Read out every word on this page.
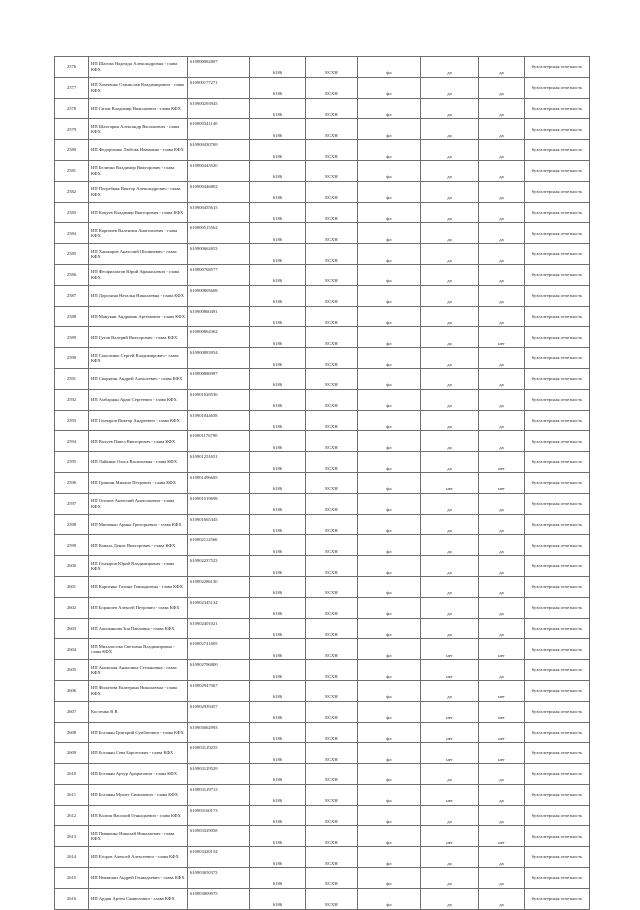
2576	ИП Шагова Надежда Александровна - глава КФХ	610900082807	6186	ЕСХН	фл	да	да	бухгалтерская отчетность
2577	ИП Хомченко Станислав Владимирович - глава КФХ	610900177271	6186	ЕСХН	фл	да	да	бухгалтерская отчетность
2578	ИП Гапон Владимир Николаевич - глава КФХ	610900293945	6186	ЕСХН	фл	да	да	бухгалтерская отчетность
2579	ИП Шахтарин Александр Васильевич - глава КФХ	610900341140	6186	ЕСХН	фл	да	да	бухгалтерская отчетность
2580	ИП Федорченко Любовь Ивановна - глава КФХ	610900430769	6186	ЕСХН	фл	да	да	бухгалтерская отчетность
2581	ИП Беличко Владимир Викторович - глава КФХ	610900443520	6186	ЕСХН	фл	да	да	бухгалтерская отчетность
2582	ИП Погребняк Виктор Александрович - глава КФХ	610900446802	6186	ЕСХН	фл	да	да	бухгалтерская отчетность
2583	ИП Кацуев Владимир Викторович - глава КФХ	610900455615	6186	ЕСХН	фл	да	да	бухгалтерская отчетность
2584	ИП Карпачев Валентин Анатольевич - глава КФХ	610900515562	6186	ЕСХН	фл	да	да	бухгалтерская отчетность
2585	ИП Ханжаров Анатолий Шалвиевич - глава КФХ	610900662653	6186	ЕСХН	фл	да	да	бухгалтерская отчетность
2586	ИП Феофилактов Юрий Афанасьевич - глава КФХ	610900768577	6186	ЕСХН	фл	да	да	бухгалтерская отчетность
2587	ИП Дорохина Наталья Николаевна - глава КФХ	610900805608	6186	ЕСХН	фл	да	да	бухгалтерская отчетность
2588	ИП Манукян Андраник Артемович - глава КФХ	610900860491	6186	ЕСХН	фл	да	да	бухгалтерская отчетность
2589	ИП Гутов Валерий Викторович - глава КФХ	610900864362	6186	ЕСХН	фл	да	нет	бухгалтерская отчетность
2590	ИП Соколенко Сергей Владимирович - глава КФХ	610900883954	6186	ЕСХН	фл	да	да	бухгалтерская отчетность
2591	ИП Скорятин Андрей Алексеевич - глава КФХ	610900886987	6186	ЕСХН	фл	да	да	бухгалтерская отчетность
2592	ИП Амбарцян Арам Сергеевич - глава КФХ	610901028536	6186	ЕСХН	фл	да	да	бухгалтерская отчетность
2593	ИП Гончаров Виктор Андреевич - глава КФХ	610901044658	6186	ЕСХН	фл	да	да	бухгалтерская отчетность
2594	ИП Валуев Павел Викторович - глава КФХ	610901176790	6186	ЕСХН	фл	да	да	бухгалтерская отчетность
2595	ИП Лайкина Ольга Васильевна - глава КФХ	610901251651	6186	ЕСХН	фл	да	нет	бухгалтерская отчетность
2596	ИП Гришин Михаил Петрович - глава КФХ	610901496605	6186	ЕСХН	фл	нет	нет	бухгалтерская отчетность
2597	ИП Осипов Анатолий Анатольевич - глава КФХ	610901519698	6186	ЕСХН	фл	да	да	бухгалтерская отчетность
2598	ИП Мишенко Арина Григорьевна - глава КФХ	610901665345	6186	ЕСХН	фл	да	да	бухгалтерская отчетность
2599	ИП Коваль Денис Викторович - глава КФХ	610902112566	6186	ЕСХН	фл	да	да	бухгалтерская отчетность
2600	ИП Гончаров Юрий Владимирович - глава КФХ	610902237523	6186	ЕСХН	фл	да	да	бухгалтерская отчетность
2601	ИП Карпенко Галина Геннадьевна - глава КФХ	610902286130	6186	ЕСХН	фл	да	да	бухгалтерская отчетность
2602	ИП Боранчев Алексей Петрович - глава КФХ	610902345134	6186	ЕСХН	фл	да	да	бухгалтерская отчетность
2603	ИП Акопьянова Зоя Павловна - глава КФХ	610902401021	6186	ЕСХН	фл	да	да	бухгалтерская отчетность
2604	ИП Михалосова Светлана Владимировна - глава КФХ	610902741605	6186	ЕСХН	фл	нет	нет	бухгалтерская отчетность
2605	ИП Ананская Анжелика Степановна - глава КФХ	610902796800	6186	ЕСХН	фл	нет	да	бухгалтерская отчетность
2606	ИП Филатова Екатерина Николаевна - глава КФХ	610902947067	6186	ЕСХН	фл	да	нет	бухгалтерская отчетность
2607	Костенко В В	610902939457	6186	ЕСХН	фл	нет	нет	бухгалтерская отчетность
2608	ИП Боганян Григорий Сумбатович - глава КФХ	610903062993	6186	ЕСХН	фл	нет	нет	бухгалтерская отчетность
2609	ИП Боганян Сева Барсегович - глава КФХ	610903129255	6186	ЕСХН	фл	нет	нет	бухгалтерская отчетность
2610	ИП Боганян Артур Араратович - глава КФХ	610903129529	6186	ЕСХН	фл	да	да	бухгалтерская отчетность
2611	ИП Боганян Мушег Симонович - глава КФХ	610903129713	6186	ЕСХН	фл	нет	да	бухгалтерская отчетность
2612	ИП Колиш Василий Геннадьевич - глава КФХ	610903160173	6186	ЕСХН	фл	да	да	бухгалтерская отчетность
2613	ИП Пивненко Николай Николаевич - глава КФХ	610903329058	6186	ЕСХН	фл	нет	нет	бухгалтерская отчетность
2614	ИП Егоров Алексей Алексеевич - глава КФХ	610903420154	6186	ЕСХН	фл	да	да	бухгалтерская отчетность
2615	ИП Никишин Андрей Геннадьевич - глава КФХ	610903650373	6186	ЕСХН	фл	да	да	бухгалтерская отчетность
2616	ИП Ардян Артем Самвелович - глава КФХ	610903809975	6186	ЕСХН	фл	да	да	бухгалтерская отчетность
